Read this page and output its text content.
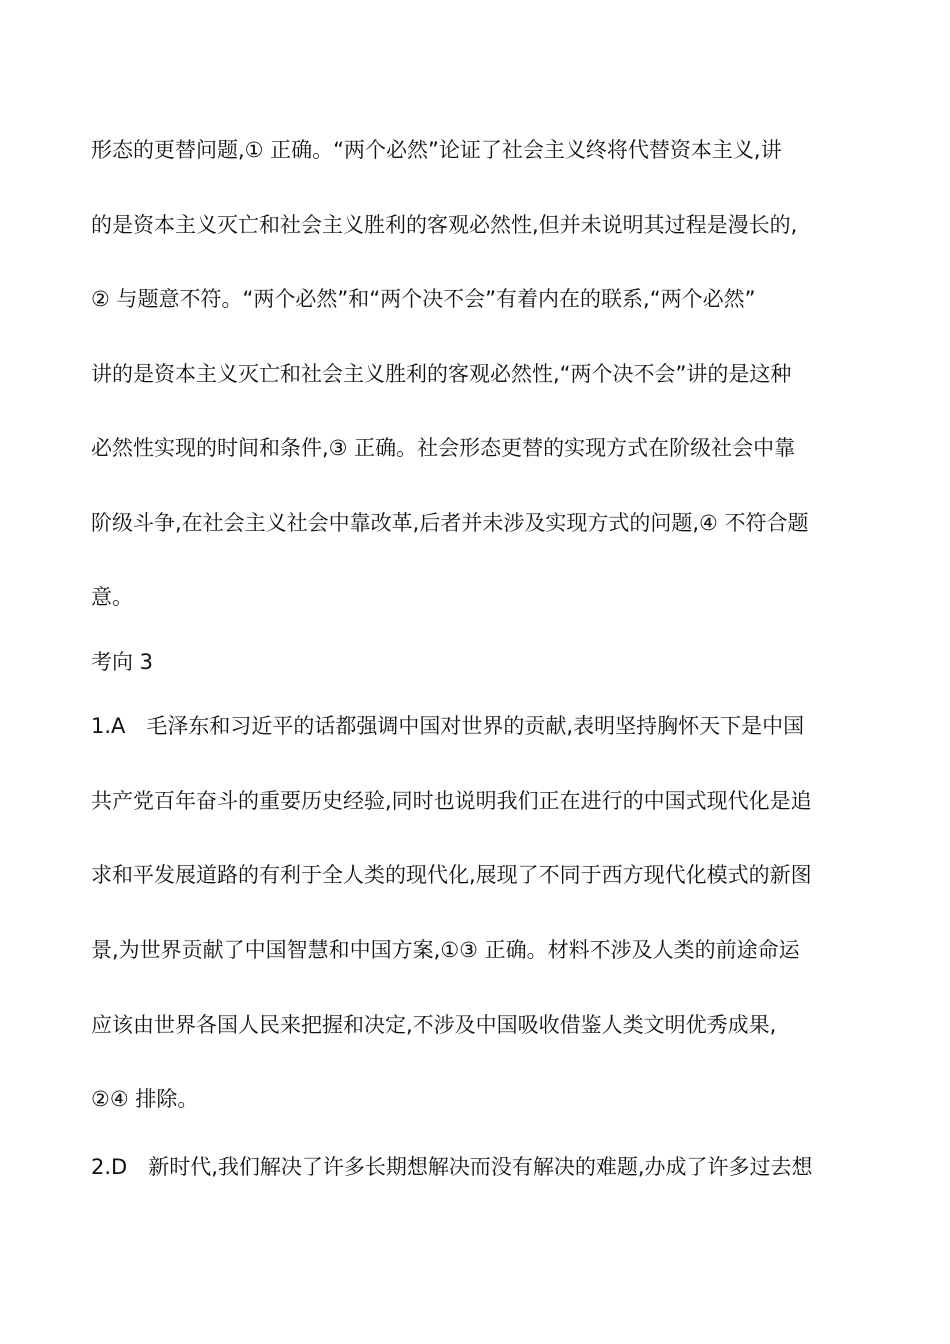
形态的更替问题,① 正确。“两个必然”论证了社会主义终将代替资本主义,讲
的是资本主义灭亡和社会主义胜利的客观必然性,但并未说明其过程是漫长的,
② 与题意不符。“两个必然”和“两个决不会”有着内在的联系,“两个必然”
讲的是资本主义灭亡和社会主义胜利的客观必然性,“两个决不会”讲的是这种
必然性实现的时间和条件,③ 正确。社会形态更替的实现方式在阶级社会中靠
阶级斗争,在社会主义社会中靠改革,后者并未涉及实现方式的问题,④ 不符合题
意。
考向 3
1.A　毛泽东和习近平的话都强调中国对世界的贡献,表明坚持胸怀天下是中国
共产党百年奋斗的重要历史经验,同时也说明我们正在进行的中国式现代化是追
求和平发展道路的有利于全人类的现代化,展现了不同于西方现代化模式的新图
景,为世界贡献了中国智慧和中国方案,①③ 正确。材料不涉及人类的前途命运
应该由世界各国人民来把握和决定,不涉及中国吸收借鉴人类文明优秀成果,
②④ 排除。
2.D　新时代,我们解决了许多长期想解决而没有解决的难题,办成了许多过去想
